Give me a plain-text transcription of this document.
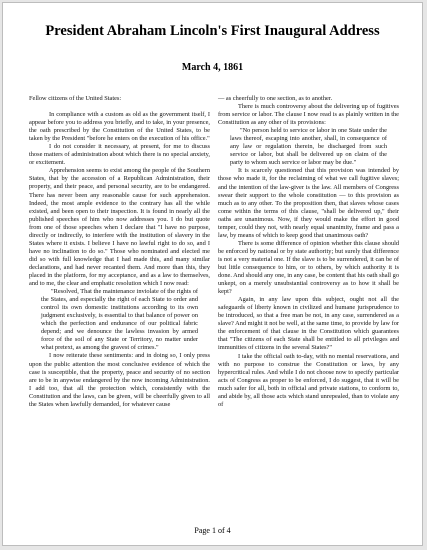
President Abraham Lincoln's First Inaugural Address
March 4, 1861

Fellow citizens of the United States:

In compliance with a custom as old as the government itself, I appear before you to address you briefly, and to take, in your presence, the oath prescribed by the Constitution of the United States, to be taken by the President "before he enters on the execution of his office."

I do not consider it necessary, at present, for me to discuss those matters of administration about which there is no special anxiety, or excitement.

Apprehension seems to exist among the people of the Southern States, that by the accession of a Republican Administration, their property, and their peace, and personal security, are to be endangered. There has never been any reasonable cause for such apprehension. Indeed, the most ample evidence to the contrary has all the while existed, and been open to their inspection. It is found in nearly all the published speeches of him who now addresses you. I do but quote from one of those speeches when I declare that "I have no purpose, directly or indirectly, to interfere with the institution of slavery in the States where it exists. I believe I have no lawful right to do so, and I have no inclination to do so." Those who nominated and elected me did so with full knowledge that I had made this, and many similar declarations, and had never recanted them. And more than this, they placed in the platform, for my acceptance, and as a law to themselves, and to me, the clear and emphatic resolution which I now read:

"Resolved, That the maintenance inviolate of the rights of the States, and especially the right of each State to order and control its own domestic institutions according to its own judgment exclusively, is essential to that balance of power on which the perfection and endurance of our political fabric depend; and we denounce the lawless invasion by armed force of the soil of any State or Territory, no matter under what pretext, as among the gravest of crimes."

I now reiterate these sentiments: and in doing so, I only press upon the public attention the most conclusive evidence of which the case is susceptible, that the property, peace and security of no section are to be in anywise endangered by the now incoming Administration. I add too, that all the protection which, consistently with the Constitution and the laws, can be given, will be cheerfully given to all the States when lawfully demanded, for whatever cause

— as cheerfully to one section, as to another.

There is much controversy about the delivering up of fugitives from service or labor. The clause I now read is as plainly written in the Constitution as any other of its provisions:

"No person held to service or labor in one State under the laws thereof, escaping into another, shall, in consequence of any law or regulation therein, be discharged from such service or labor, but shall be delivered up on claim of the party to whom such service or labor may be due."

It is scarcely questioned that this provision was intended by those who made it, for the reclaiming of what we call fugitive slaves; and the intention of the law-giver is the law. All members of Congress swear their support to the whole constitution — to this provision as much as to any other. To the proposition then, that slaves whose cases come within the terms of this clause, "shall be delivered up," their oaths are unanimous. Now, if they would make the effort in good temper, could they not, with nearly equal unanimity, frame and pass a law, by means of which to keep good that unanimous oath?

There is some difference of opinion whether this clause should be enforced by national or by state authority; but surely that difference is not a very material one. If the slave is to be surrendered, it can be of but little consequence to him, or to others, by which authority it is done. And should any one, in any case, be content that his oath shall go unkept, on a merely unsubstantial controversy as to how it shall be kept?

Again, in any law upon this subject, ought not all the safeguards of liberty known in civilized and humane jurisprudence to be introduced, so that a free man be not, in any case, surrendered as a slave? And might it not be well, at the same time, to provide by law for the enforcement of that clause in the Constitution which guarantees that "The citizens of each State shall be entitled to all privileges and immunities of citizens in the several States?"

I take the official oath to-day, with no mental reservations, and with no purpose to construe the Constitution or laws, by any hypercritical rules. And while I do not choose now to specify particular acts of Congress as proper to be enforced, I do suggest, that it will be much safer for all, both in official and private stations, to conform to, and abide by, all those acts which stand unrepealed, than to violate any of

Page 1 of 4
